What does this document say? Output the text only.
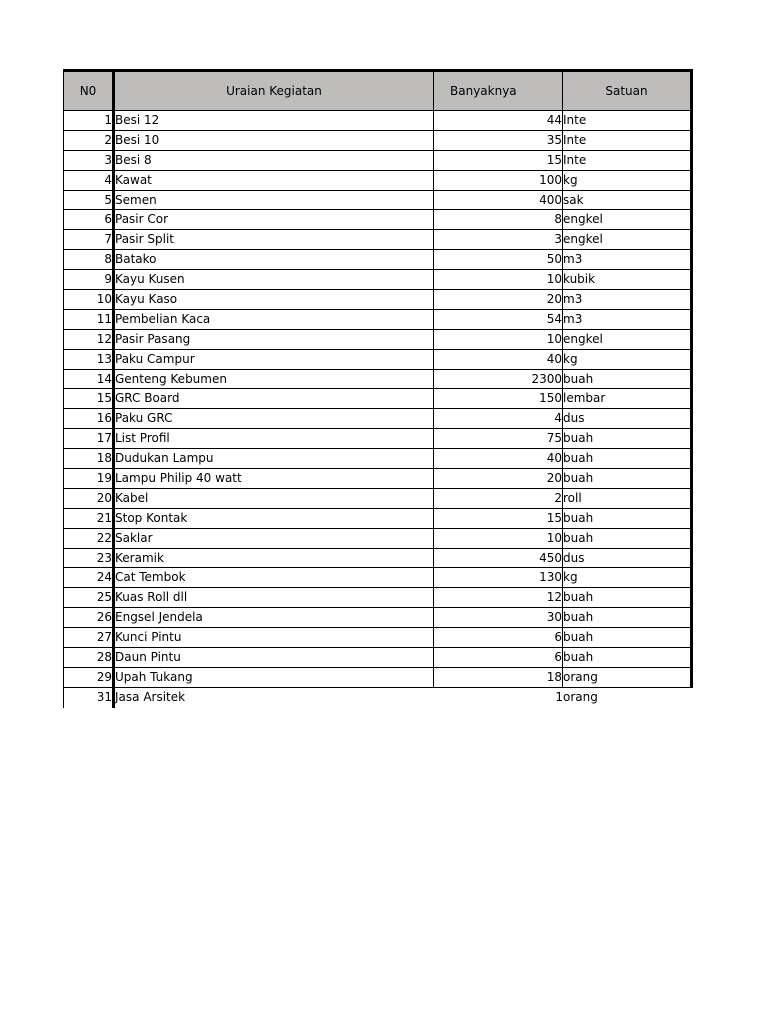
N0	Uraian Kegiatan	Banyaknya	Satuan
1 Besi 12	44 Inte
2 Besi 10	35 Inte
3 Besi 8	15 Inte
4 Kawat	100 kg
5 Semen	400 sak
6 Pasir Cor	8 engkel
7 Pasir Split	3 engkel
8 Batako	50 m3
9 Kayu Kusen	10 kubik
10 Kayu Kaso	20 m3
11 Pembelian Kaca	54 m3
12 Pasir Pasang	10 engkel
13 Paku Campur	40 kg
14 Genteng Kebumen	2300 buah
15 GRC Board	150 lembar
16 Paku GRC	4 dus
17 List Profil	75 buah
18 Dudukan Lampu	40 buah
19 Lampu Philip 40 watt	20 buah
20 Kabel	2 roll
21 Stop Kontak	15 buah
22 Saklar	10 buah
23 Keramik	450 dus
24 Cat Tembok	130 kg
25 Kuas Roll dll	12 buah
26 Engsel Jendela	30 buah
27 Kunci Pintu	6 buah
28 Daun Pintu	6 buah
29 Upah Tukang	18 orang
31 Jasa Arsitek	1 orang
